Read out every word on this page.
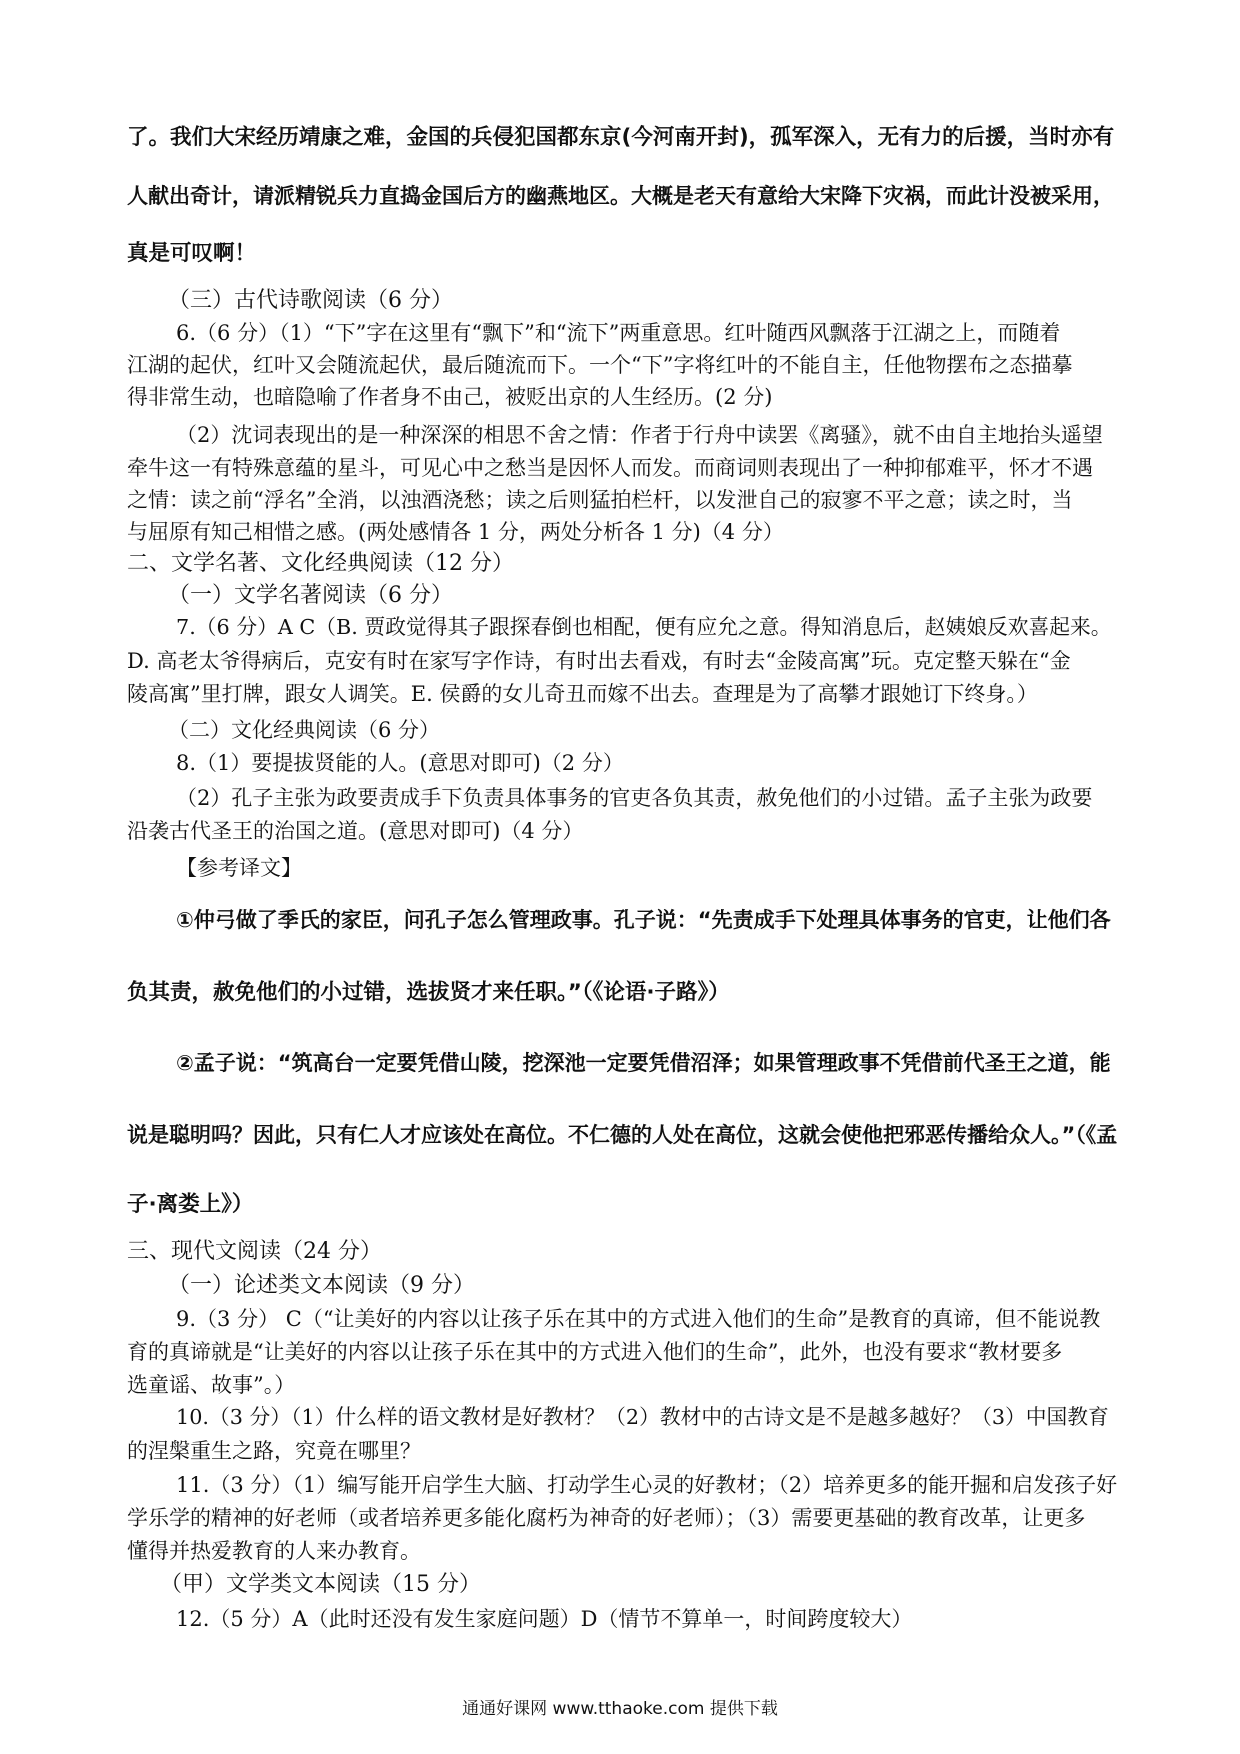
了。我们大宋经历靖康之难，金国的兵侵犯国都东京(今河南开封)，孤军深入，无有力的后援，当时亦有

人献出奇计，请派精锐兵力直捣金国后方的幽燕地区。大概是老天有意给大宋降下灾祸，而此计没被采用，

真是可叹啊！

（三）古代诗歌阅读（6 分）

6.（6 分）（1）“下”字在这里有“飘下”和“流下”两重意思。红叶随西风飘落于江湖之上，而随着

江湖的起伏，红叶又会随流起伏，最后随流而下。一个“下”字将红叶的不能自主，任他物摆布之态描摹

得非常生动，也暗隐喻了作者身不由己，被贬出京的人生经历。(2 分)

（2）沈词表现出的是一种深深的相思不舍之情：作者于行舟中读罢《离骚》，就不由自主地抬头遥望

牵牛这一有特殊意蕴的星斗，可见心中之愁当是因怀人而发。而商词则表现出了一种抑郁难平，怀才不遇

之情：读之前“浮名”全消，以浊酒浇愁；读之后则猛拍栏杆，以发泄自己的寂寥不平之意；读之时，当

与屈原有知己相惜之感。(两处感情各 1 分，两处分析各 1 分)（4 分）

二、文学名著、文化经典阅读（12 分）

（一）文学名著阅读（6 分）

7.（6 分）A C（B. 贾政觉得其子跟探春倒也相配，便有应允之意。得知消息后，赵姨娘反欢喜起来。

D. 高老太爷得病后，克安有时在家写字作诗，有时出去看戏，有时去“金陵高寓”玩。克定整天躲在“金

陵高寓”里打牌，跟女人调笑。E. 侯爵的女儿奇丑而嫁不出去。查理是为了高攀才跟她订下终身。）

（二）文化经典阅读（6 分）

8.（1）要提拔贤能的人。(意思对即可)（2 分）

（2）孔子主张为政要责成手下负责具体事务的官吏各负其责，赦免他们的小过错。孟子主张为政要

沿袭古代圣王的治国之道。(意思对即可)（4 分）

【参考译文】

①仲弓做了季氏的家臣，问孔子怎么管理政事。孔子说：“先责成手下处理具体事务的官吏，让他们各

负其责，赦免他们的小过错，选拔贤才来任职。”（《论语·子路》）

②孟子说：“筑高台一定要凭借山陵，挖深池一定要凭借沼泽；如果管理政事不凭借前代圣王之道，能

说是聪明吗？因此，只有仁人才应该处在高位。不仁德的人处在高位，这就会使他把邪恶传播给众人。”（《孟

子·离娄上》）

三、现代文阅读（24 分）

（一）论述类文本阅读（9 分）

9.（3 分） C（“让美好的内容以让孩子乐在其中的方式进入他们的生命”是教育的真谛，但不能说教

育的真谛就是“让美好的内容以让孩子乐在其中的方式进入他们的生命”，此外，也没有要求“教材要多

选童谣、故事”。）

10.（3 分）（1）什么样的语文教材是好教材？（2）教材中的古诗文是不是越多越好？（3）中国教育

的涅槃重生之路，究竟在哪里？

11.（3 分）（1）编写能开启学生大脑、打动学生心灵的好教材；（2）培养更多的能开掘和启发孩子好

学乐学的精神的好老师（或者培养更多能化腐朽为神奇的好老师）；（3）需要更基础的教育改革，让更多

懂得并热爱教育的人来办教育。

（甲）文学类文本阅读（15 分）

12.（5 分）A（此时还没有发生家庭问题）D（情节不算单一，时间跨度较大）

通通好课网 www.tthaoke.com 提供下载
